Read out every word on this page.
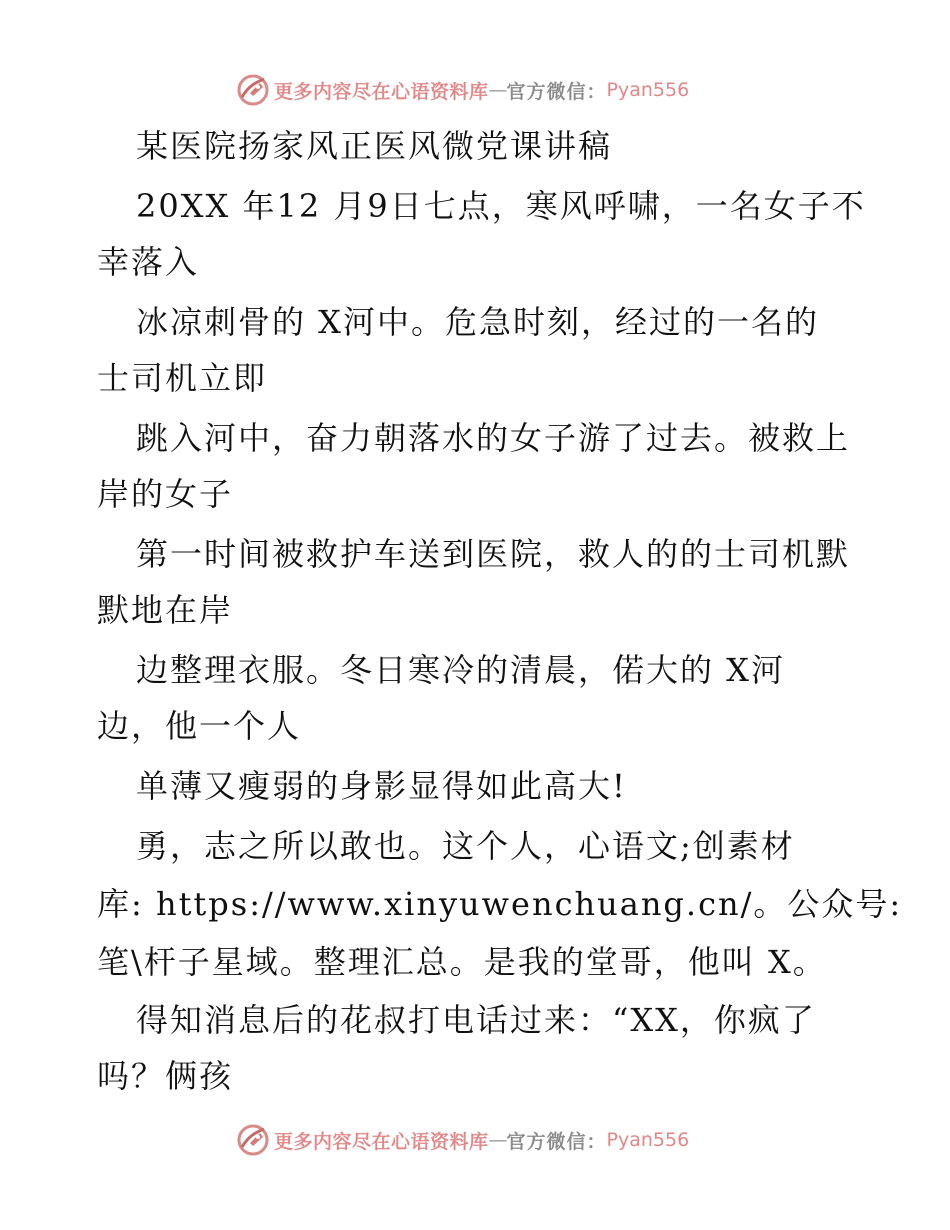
更多内容尽在心语资料库 — 官方微信： Pyan556
某医院扬家风正医风微党课讲稿
20XX 年12 月9日七点，寒风呼啸，一名女子不
幸落入
冰凉刺骨的 X河中。危急时刻，经过的一名的
士司机立即
跳入河中，奋力朝落水的女子游了过去。被救上
岸的女子
第一时间被救护车送到医院，救人的的士司机默
默地在岸
边整理衣服。冬日寒冷的清晨，偌大的 X河
边，他一个人
单薄又瘦弱的身影显得如此高大!
勇，志之所以敢也。这个人，心语文;创素材
库: https://www.xinyuwenchuang.cn/。公众号:
笔\杆子星域。整理汇总。是我的堂哥，他叫 X。
得知消息后的花叔打电话过来：“XX，你疯了
吗？俩孩
更多内容尽在心语资料库 — 官方微信： Pyan556
